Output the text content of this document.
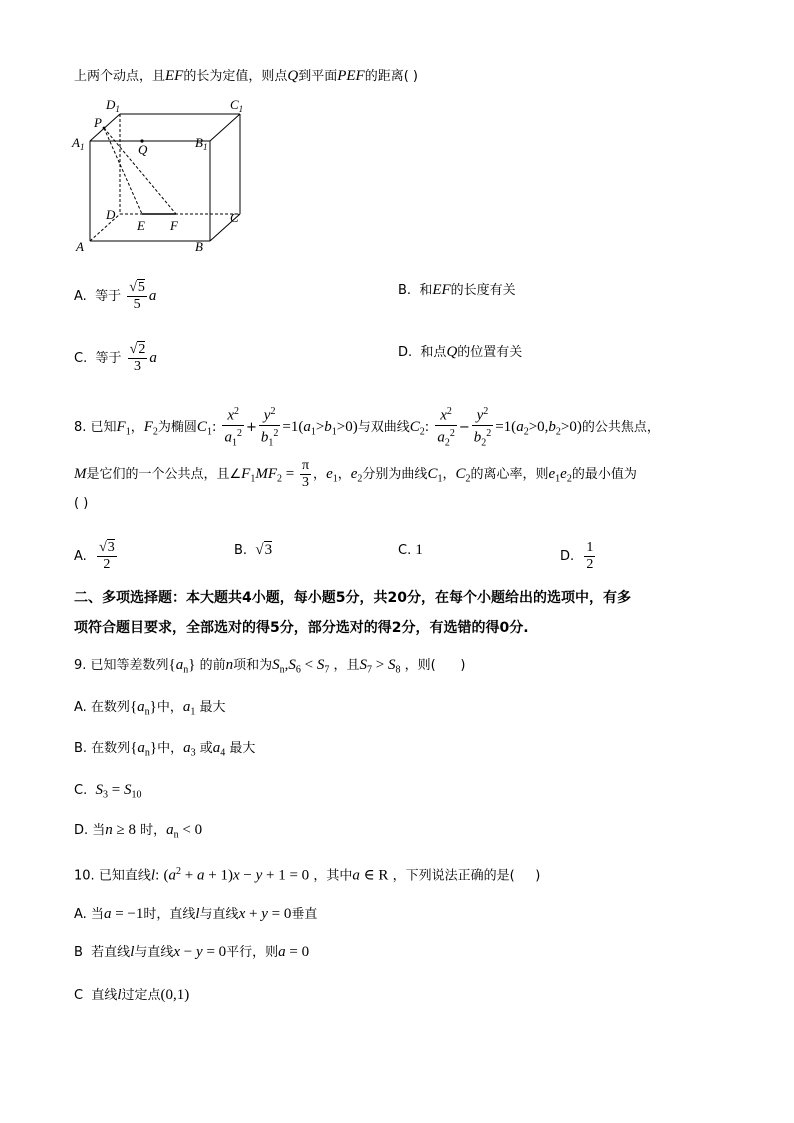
上两个动点，且EF的长为定值，则点Q到平面PEF的距离( )
$D_1$	$C_1$
P
Q
$A_1$	$B_1$
D	C
E F
A	B
A. 等于 $\frac{√5}{5}$ a	B. 和EF的长度有关
C. 等于 $\frac{√2}{3}$ a	D. 和点Q的位置有关
8. 已知$F_1$，$F_2$为椭圆$C_1$: $\frac{x^2}{a_1^2} + \frac{y^2}{b_1^2} =1(a_1>b_1>0)$与双曲线$C_2$: $\frac{x^2}{a_2^2} - \frac{y^2}{b_2^2} =1(a_2>0,b_2>0)$的公共焦点，
M是它们的一个公共点，且$\angle F_1MF_2 = \frac{\pi}{3}$ ，$e_1$，$e_2$分别为曲线$C_1$，$C_2$的离心率，则$e_1e_2$的最小值为
( )
A. $\frac{√3}{2}$	B.  √3	C. 1	D. $\frac{1}{2}$
二、多项选择题：本大题共4小题，每小题5分，共20分，在每个小题给出的选项中，有多
项符合题目要求，全部选对的得5分，部分选对的得2分，有选错的得0分.
9. 已知等差数列$\{a_n\}$ 的前n项和为$S_n,S_6 < S_7$ ，且$S_7 > S_8$ ，则(      )
A. 在数列$\{a_n\}$中，$a_1$ 最大
B. 在数列$\{a_n\}$中，$a_3$ 或$a_4$ 最大
C.  $S_3 = S_{10}$
D. 当n ≥ 8 时，$a_n < 0$
10. 已知直线l: $(a^2 + a + 1)x - y + 1 = 0$ ，其中a ∈ R ，下列说法正确的是(     )
A. 当a = −1时，直线l与直线x + y = 0垂直
B  若直线l与直线x − y = 0平行，则a = 0
C  直线l过定点(0,1)
